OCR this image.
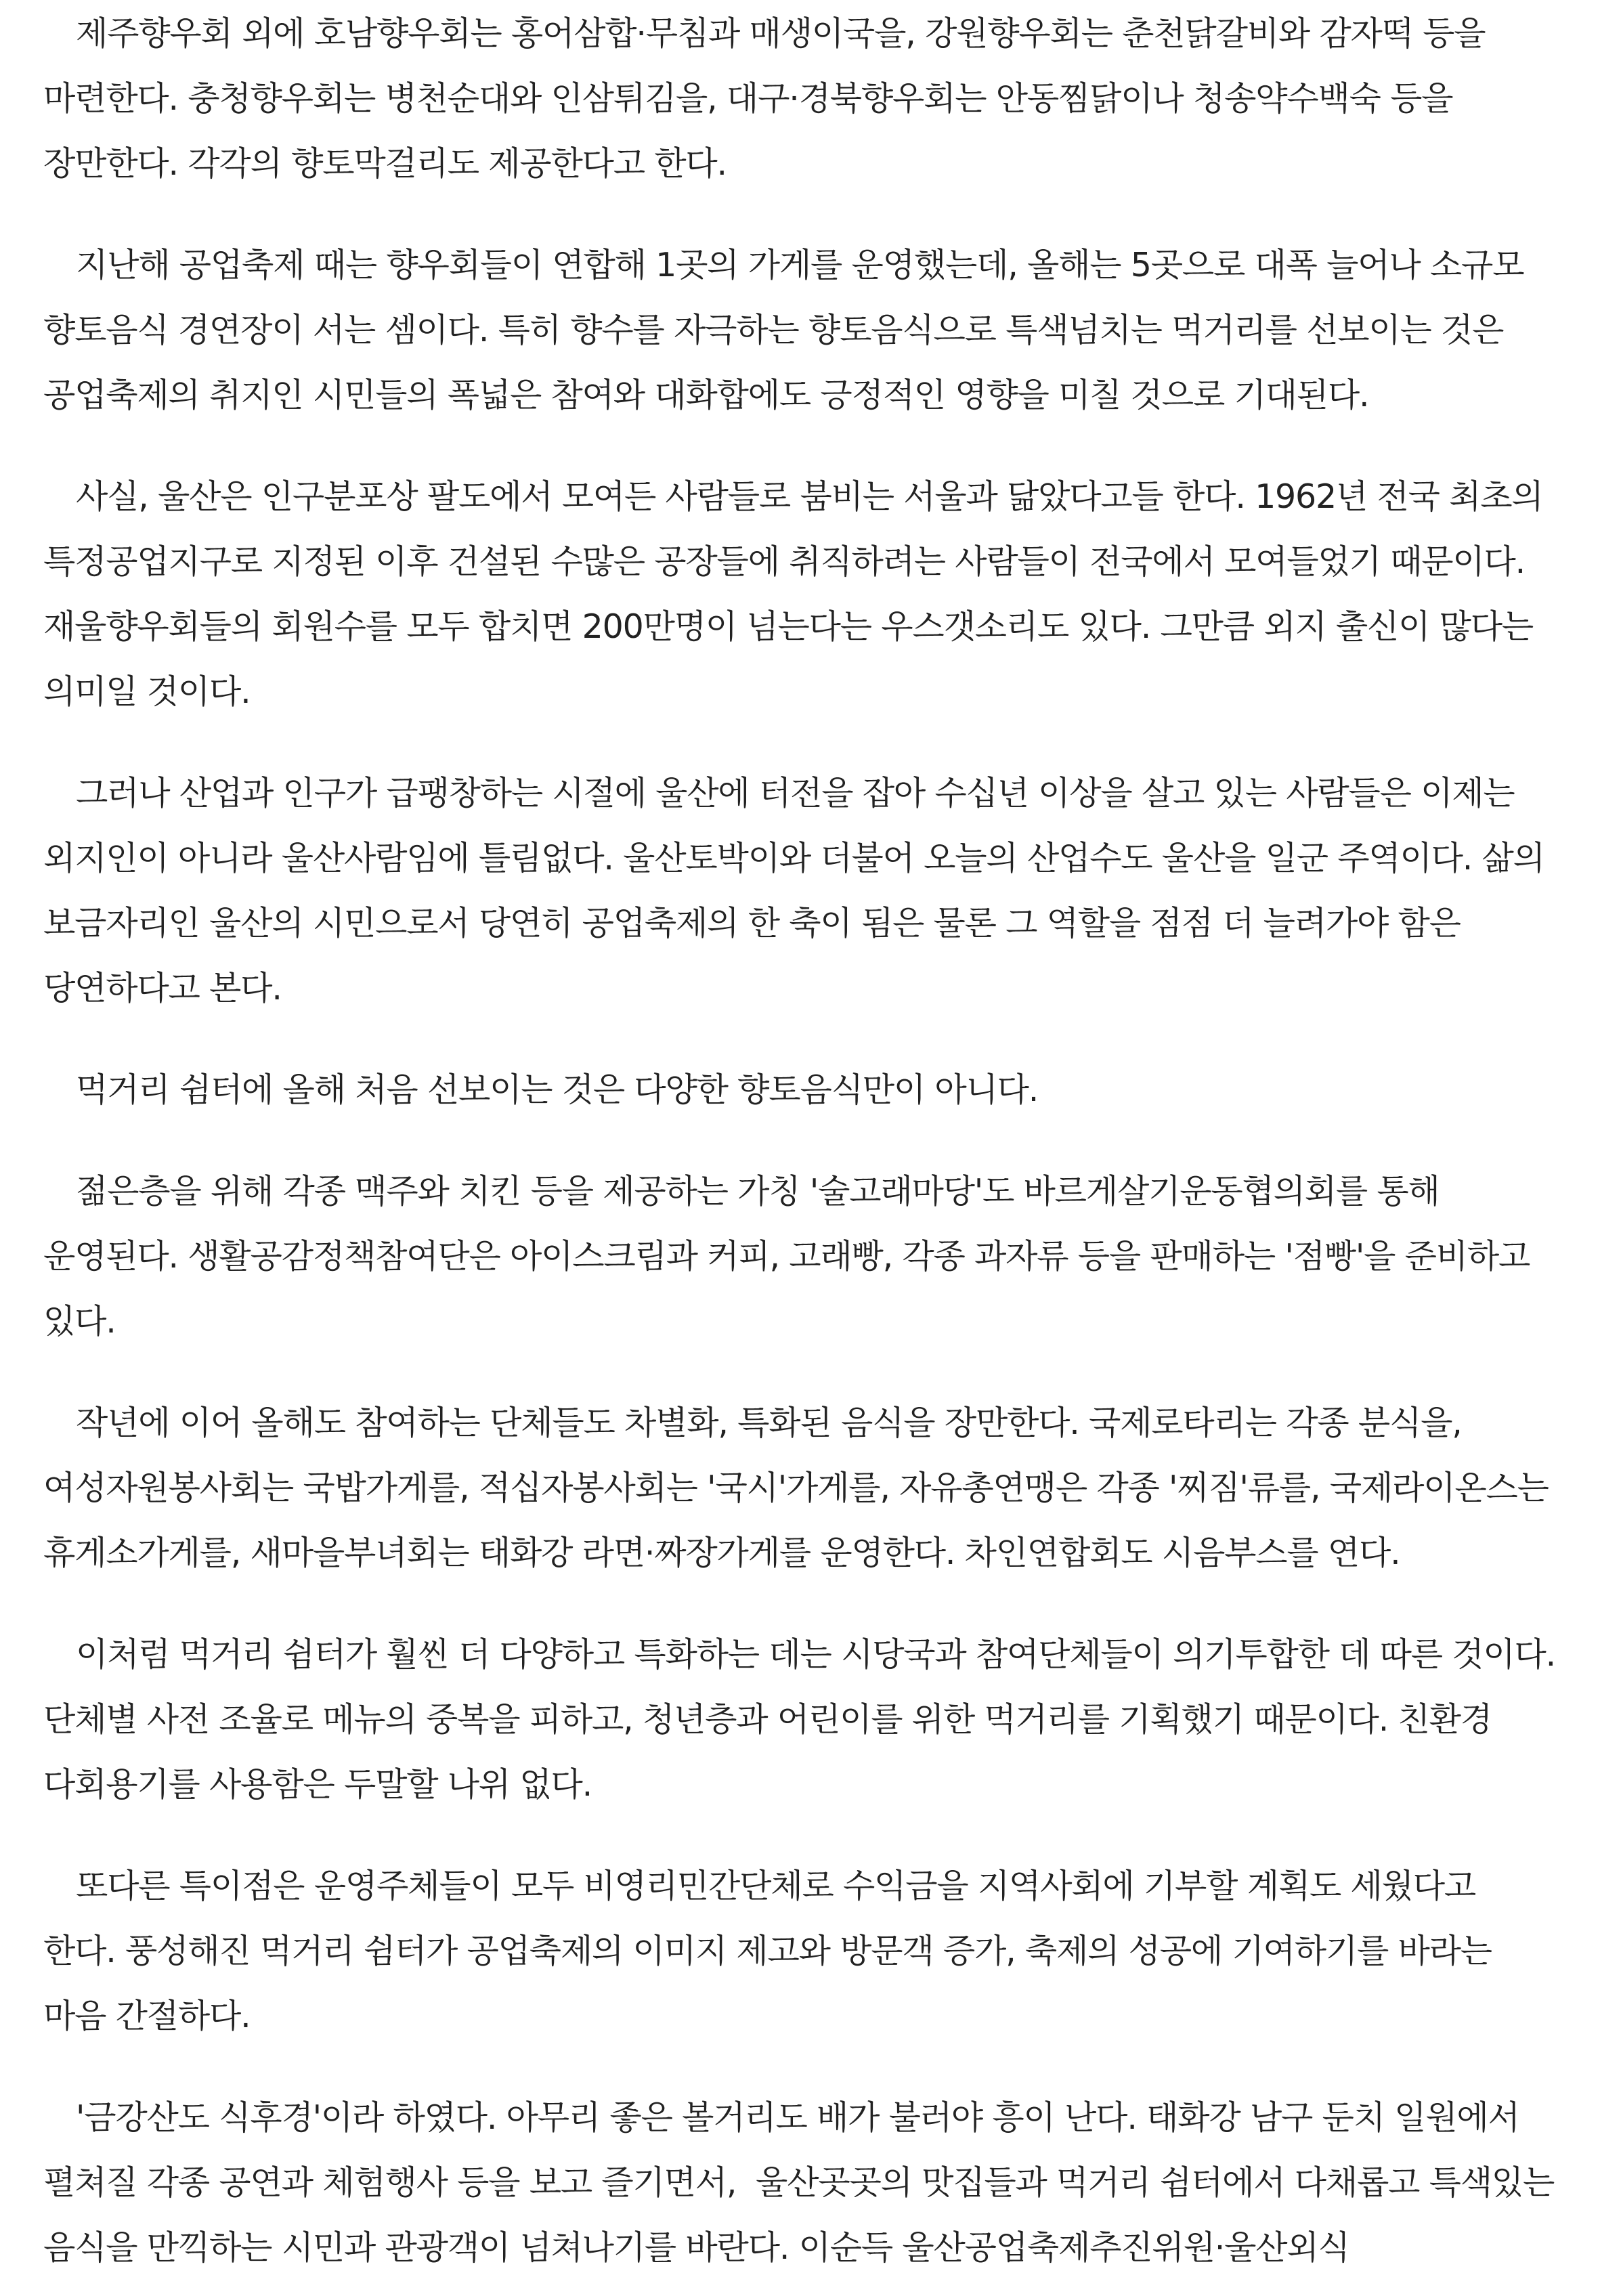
제주향우회 외에 호남향우회는 홍어삼합·무침과 매생이국을, 강원향우회는 춘천닭갈비와 감자떡 등을 마련한다. 충청향우회는 병천순대와 인삼튀김을, 대구·경북향우회는 안동찜닭이나 청송약수백숙 등을 장만한다. 각각의 향토막걸리도 제공한다고 한다.

지난해 공업축제 때는 향우회들이 연합해 1곳의 가게를 운영했는데, 올해는 5곳으로 대폭 늘어나 소규모 향토음식 경연장이 서는 셈이다. 특히 향수를 자극하는 향토음식으로 특색넘치는 먹거리를 선보이는 것은 공업축제의 취지인 시민들의 폭넓은 참여와 대화합에도 긍정적인 영향을 미칠 것으로 기대된다.

사실, 울산은 인구분포상 팔도에서 모여든 사람들로 붐비는 서울과 닮았다고들 한다. 1962년 전국 최초의 특정공업지구로 지정된 이후 건설된 수많은 공장들에 취직하려는 사람들이 전국에서 모여들었기 때문이다. 재울향우회들의 회원수를 모두 합치면 200만명이 넘는다는 우스갯소리도 있다. 그만큼 외지 출신이 많다는 의미일 것이다.

그러나 산업과 인구가 급팽창하는 시절에 울산에 터전을 잡아 수십년 이상을 살고 있는 사람들은 이제는 외지인이 아니라 울산사람임에 틀림없다. 울산토박이와 더불어 오늘의 산업수도 울산을 일군 주역이다. 삶의 보금자리인 울산의 시민으로서 당연히 공업축제의 한 축이 됨은 물론 그 역할을 점점 더 늘려가야 함은 당연하다고 본다.

먹거리 쉼터에 올해 처음 선보이는 것은 다양한 향토음식만이 아니다.

젊은층을 위해 각종 맥주와 치킨 등을 제공하는 가칭 '술고래마당'도 바르게살기운동협의회를 통해 운영된다. 생활공감정책참여단은 아이스크림과 커피, 고래빵, 각종 과자류 등을 판매하는 '점빵'을 준비하고 있다.

작년에 이어 올해도 참여하는 단체들도 차별화, 특화된 음식을 장만한다. 국제로타리는 각종 분식을, 여성자원봉사회는 국밥가게를, 적십자봉사회는 '국시'가게를, 자유총연맹은 각종 '찌짐'류를, 국제라이온스는 휴게소가게를, 새마을부녀회는 태화강 라면·짜장가게를 운영한다. 차인연합회도 시음부스를 연다.

이처럼 먹거리 쉼터가 훨씬 더 다양하고 특화하는 데는 시당국과 참여단체들이 의기투합한 데 따른 것이다. 단체별 사전 조율로 메뉴의 중복을 피하고, 청년층과 어린이를 위한 먹거리를 기획했기 때문이다. 친환경 다회용기를 사용함은 두말할 나위 없다.

또다른 특이점은 운영주체들이 모두 비영리민간단체로 수익금을 지역사회에 기부할 계획도 세웠다고 한다. 풍성해진 먹거리 쉼터가 공업축제의 이미지 제고와 방문객 증가, 축제의 성공에 기여하기를 바라는 마음 간절하다.

'금강산도 식후경'이라 하였다. 아무리 좋은 볼거리도 배가 불러야 흥이 난다. 태화강 남구 둔치 일원에서 펼쳐질 각종 공연과 체험행사 등을 보고 즐기면서,  울산곳곳의 맛집들과 먹거리 쉼터에서 다채롭고 특색있는 음식을 만끽하는 시민과 관광객이 넘쳐나기를 바란다. 이순득 울산공업축제추진위원·울산외식
